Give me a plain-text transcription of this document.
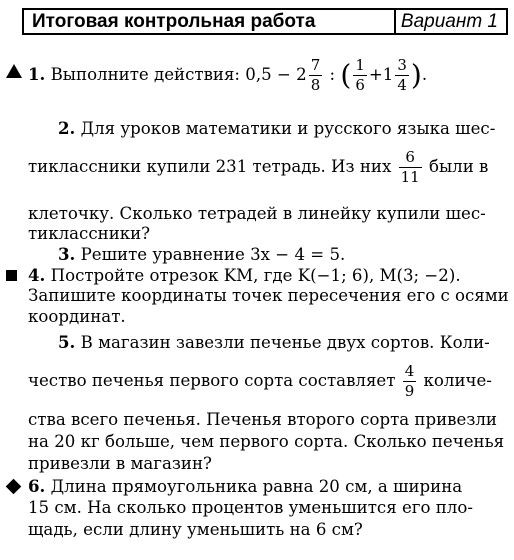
Итоговая контрольная работа	Вариант 1
1. Выполните действия: $0,5 - 2 \frac{7}{8}$ : ( $\frac{1}{6} +1 \frac{3}{4}$ ).
2. Для уроков математики и русского языка шес-
тиклассники купили 231 тетрадь. Из них $\frac{6}{11}$ были в
клеточку. Сколько тетрадей в линейку купили шес-
тиклассники?
3. Решите уравнение 3x − 4 = 5.
4. Постройте отрезок KM, где K(−1; 6), M(3; −2).
Запишите координаты точек пересечения его с осями
координат.
5. В магазин завезли печенье двух сортов. Коли-
чество печенья первого сорта составляет $\frac{4}{9}$ количе-
ства всего печенья. Печенья второго сорта привезли
на 20 кг больше, чем первого сорта. Сколько печенья
привезли в магазин?
6. Длина прямоугольника равна 20 см, а ширина
15 см. На сколько процентов уменьшится его пло-
щадь, если длину уменьшить на 6 см?
